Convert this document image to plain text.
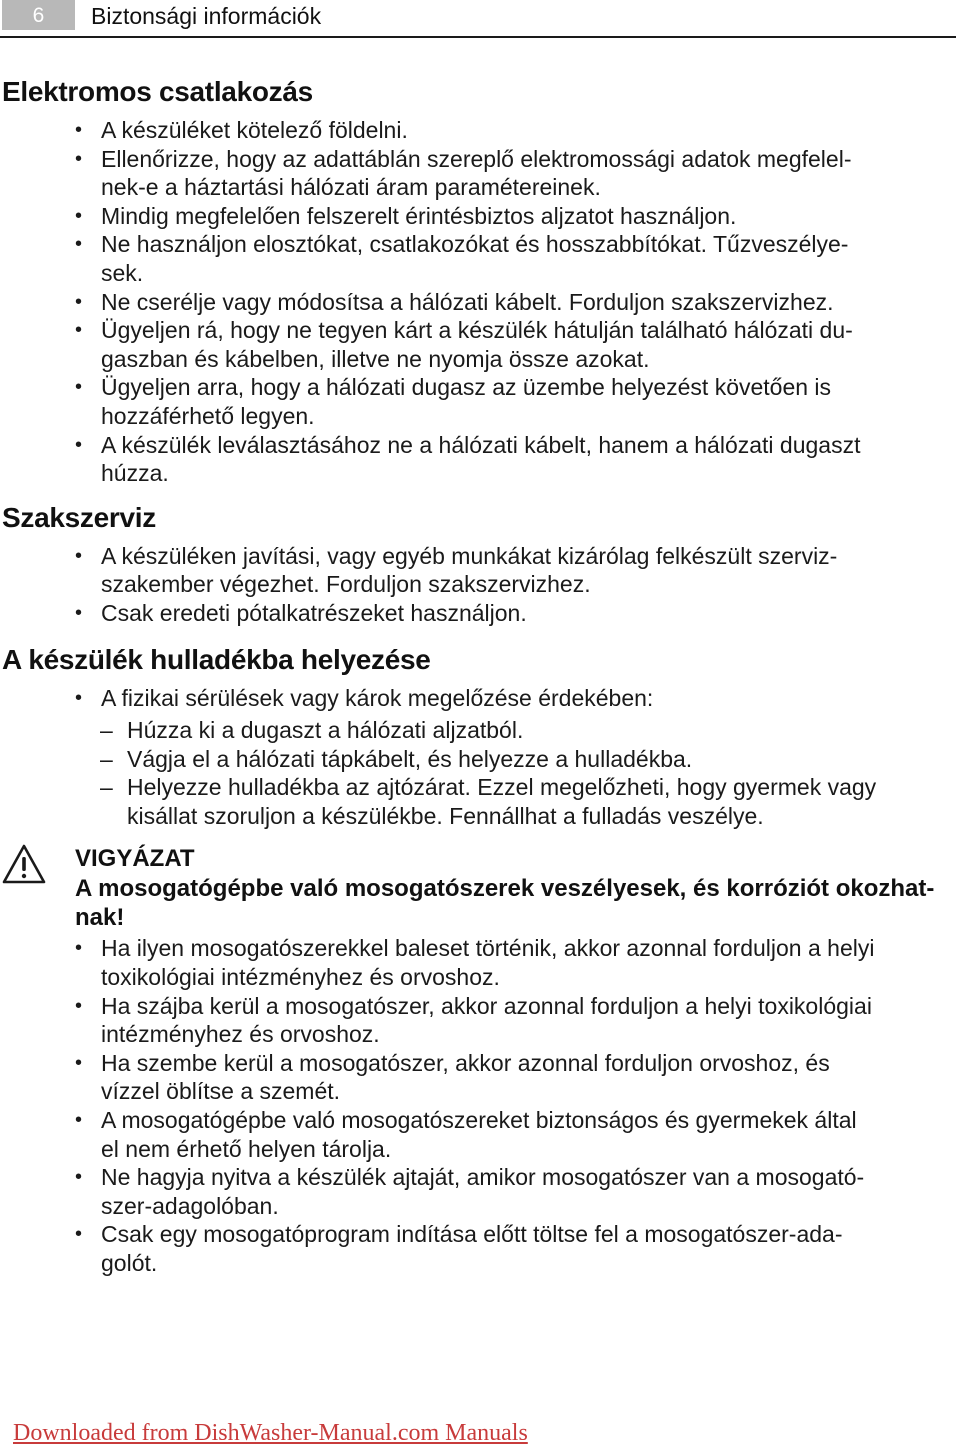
6	Biztonsági információk
Elektromos csatlakozás
• A készüléket kötelező földelni.
• Ellenőrizze, hogy az adattáblán szereplő elektromossági adatok megfelel-
nek-e a háztartási hálózati áram paramétereinek.
• Mindig megfelelően felszerelt érintésbiztos aljzatot használjon.
• Ne használjon elosztókat, csatlakozókat és hosszabbítókat. Tűzveszélye-
sek.
• Ne cserélje vagy módosítsa a hálózati kábelt. Forduljon szakszervizhez.
• Ügyeljen rá, hogy ne tegyen kárt a készülék hátulján található hálózati du-
gaszban és kábelben, illetve ne nyomja össze azokat.
• Ügyeljen arra, hogy a hálózati dugasz az üzembe helyezést követően is
hozzáférhető legyen.
• A készülék leválasztásához ne a hálózati kábelt, hanem a hálózati dugaszt
húzza.
Szakszerviz
• A készüléken javítási, vagy egyéb munkákat kizárólag felkészült szerviz-
szakember végezhet. Forduljon szakszervizhez.
• Csak eredeti pótalkatrészeket használjon.
A készülék hulladékba helyezése
• A fizikai sérülések vagy károk megelőzése érdekében:
– Húzza ki a dugaszt a hálózati aljzatból.
– Vágja el a hálózati tápkábelt, és helyezze a hulladékba.
– Helyezze hulladékba az ajtózárat. Ezzel megelőzheti, hogy gyermek vagy
kisállat szoruljon a készülékbe. Fennállhat a fulladás veszélye.
VIGYÁZAT
A mosogatógépbe való mosogatószerek veszélyesek, és korróziót okozhat-
nak!
• Ha ilyen mosogatószerekkel baleset történik, akkor azonnal forduljon a helyi
toxikológiai intézményhez és orvoshoz.
• Ha szájba kerül a mosogatószer, akkor azonnal forduljon a helyi toxikológiai
intézményhez és orvoshoz.
• Ha szembe kerül a mosogatószer, akkor azonnal forduljon orvoshoz, és
vízzel öblítse a szemét.
• A mosogatógépbe való mosogatószereket biztonságos és gyermekek által
el nem érhető helyen tárolja.
• Ne hagyja nyitva a készülék ajtaját, amikor mosogatószer van a mosogató-
szer-adagolóban.
• Csak egy mosogatóprogram indítása előtt töltse fel a mosogatószer-ada-
golót.
Downloaded from DishWasher-Manual.com Manuals
